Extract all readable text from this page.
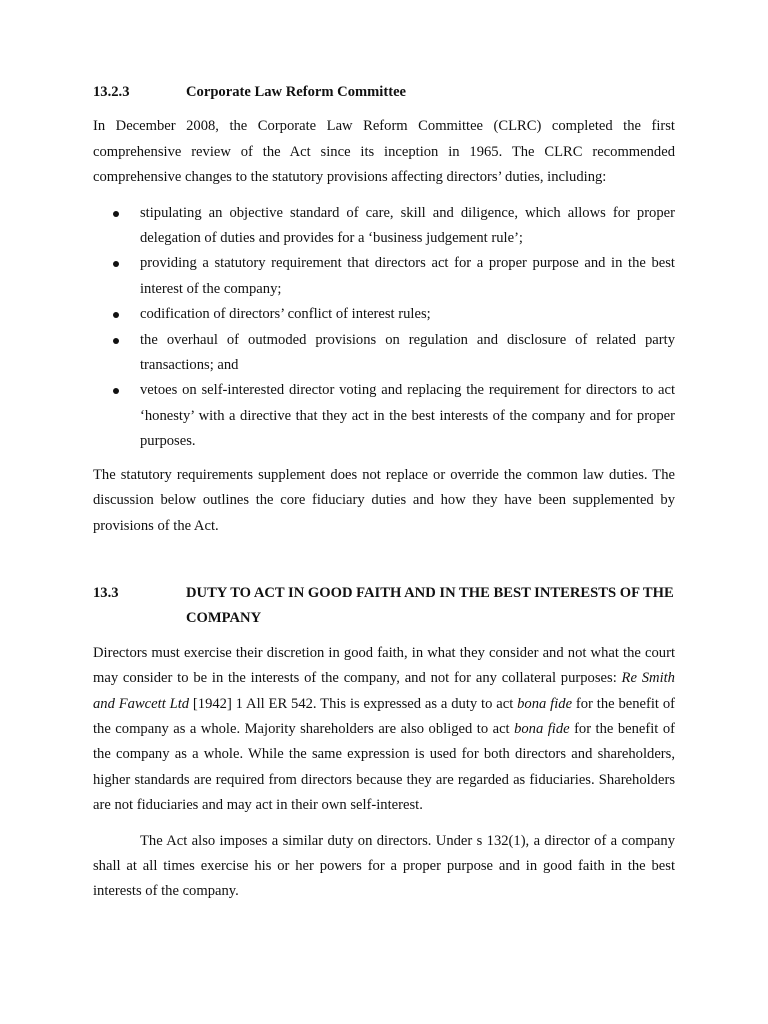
13.2.3	Corporate Law Reform Committee

In December 2008, the Corporate Law Reform Committee (CLRC) completed the first comprehensive review of the Act since its inception in 1965. The CLRC recommended comprehensive changes to the statutory provisions affecting directors’ duties, including:

stipulating an objective standard of care, skill and diligence, which allows for proper delegation of duties and provides for a ‘business judgement rule’;
providing a statutory requirement that directors act for a proper purpose and in the best interest of the company;
codification of directors’ conflict of interest rules;
the overhaul of outmoded provisions on regulation and disclosure of related party transactions; and
vetoes on self-interested director voting and replacing the requirement for directors to act ‘honesty’ with a directive that they act in the best interests of the company and for proper purposes.

The statutory requirements supplement does not replace or override the common law duties. The discussion below outlines the core fiduciary duties and how they have been supplemented by provisions of the Act.

13.3	DUTY TO ACT IN GOOD FAITH AND IN THE BEST INTERESTS OF THE COMPANY

Directors must exercise their discretion in good faith, in what they consider and not what the court may consider to be in the interests of the company, and not for any collateral purposes: Re Smith and Fawcett Ltd [1942] 1 All ER 542. This is expressed as a duty to act bona fide for the benefit of the company as a whole. Majority shareholders are also obliged to act bona fide for the benefit of the company as a whole. While the same expression is used for both directors and shareholders, higher standards are required from directors because they are regarded as fiduciaries. Shareholders are not fiduciaries and may act in their own self-interest.

The Act also imposes a similar duty on directors. Under s 132(1), a director of a company shall at all times exercise his or her powers for a proper purpose and in good faith in the best interests of the company.
